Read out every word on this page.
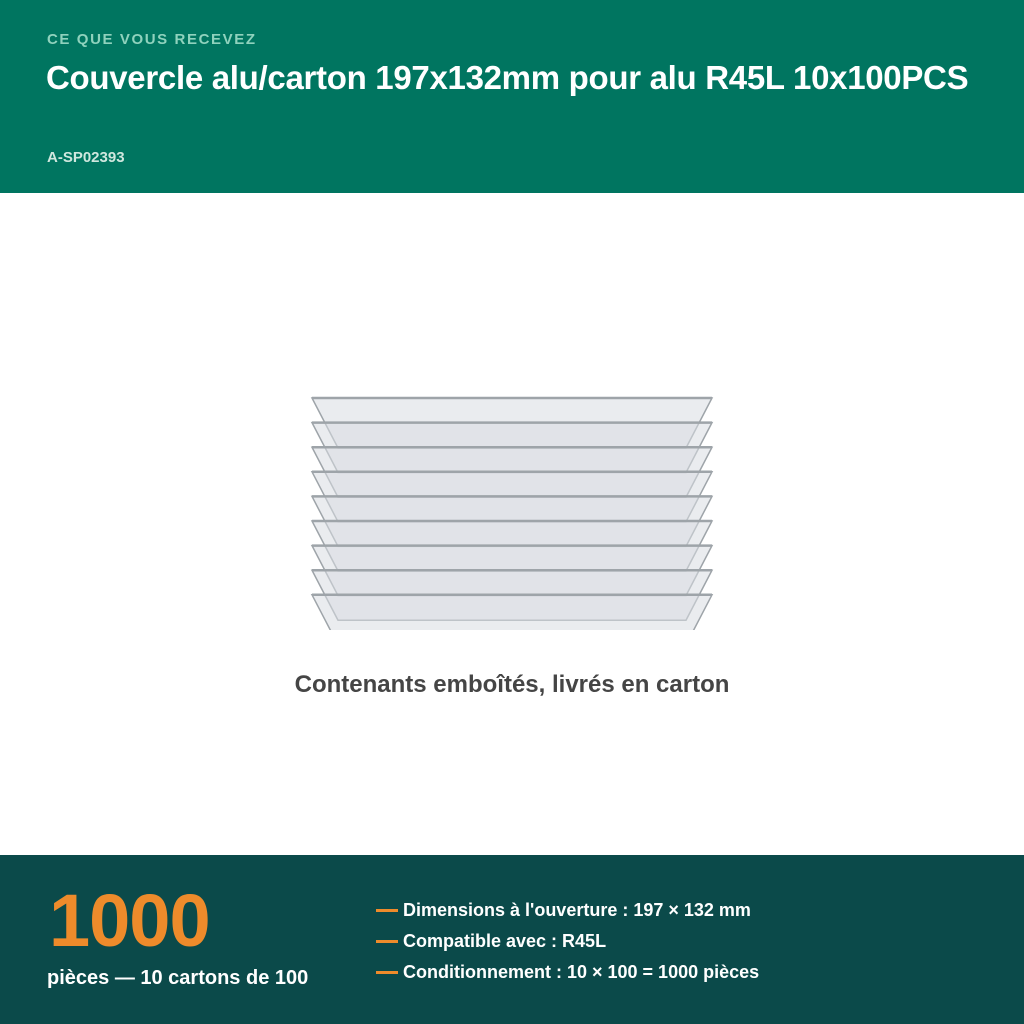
CE QUE VOUS RECEVEZ
Couvercle alu/carton 197x132mm pour alu R45L 10x100PCS
A-SP02393
Contenants emboîtés, livrés en carton
1000
pièces — 10 cartons de 100
Dimensions à l'ouverture : 197 × 132 mm
Compatible avec : R45L
Conditionnement : 10 × 100 = 1000 pièces
